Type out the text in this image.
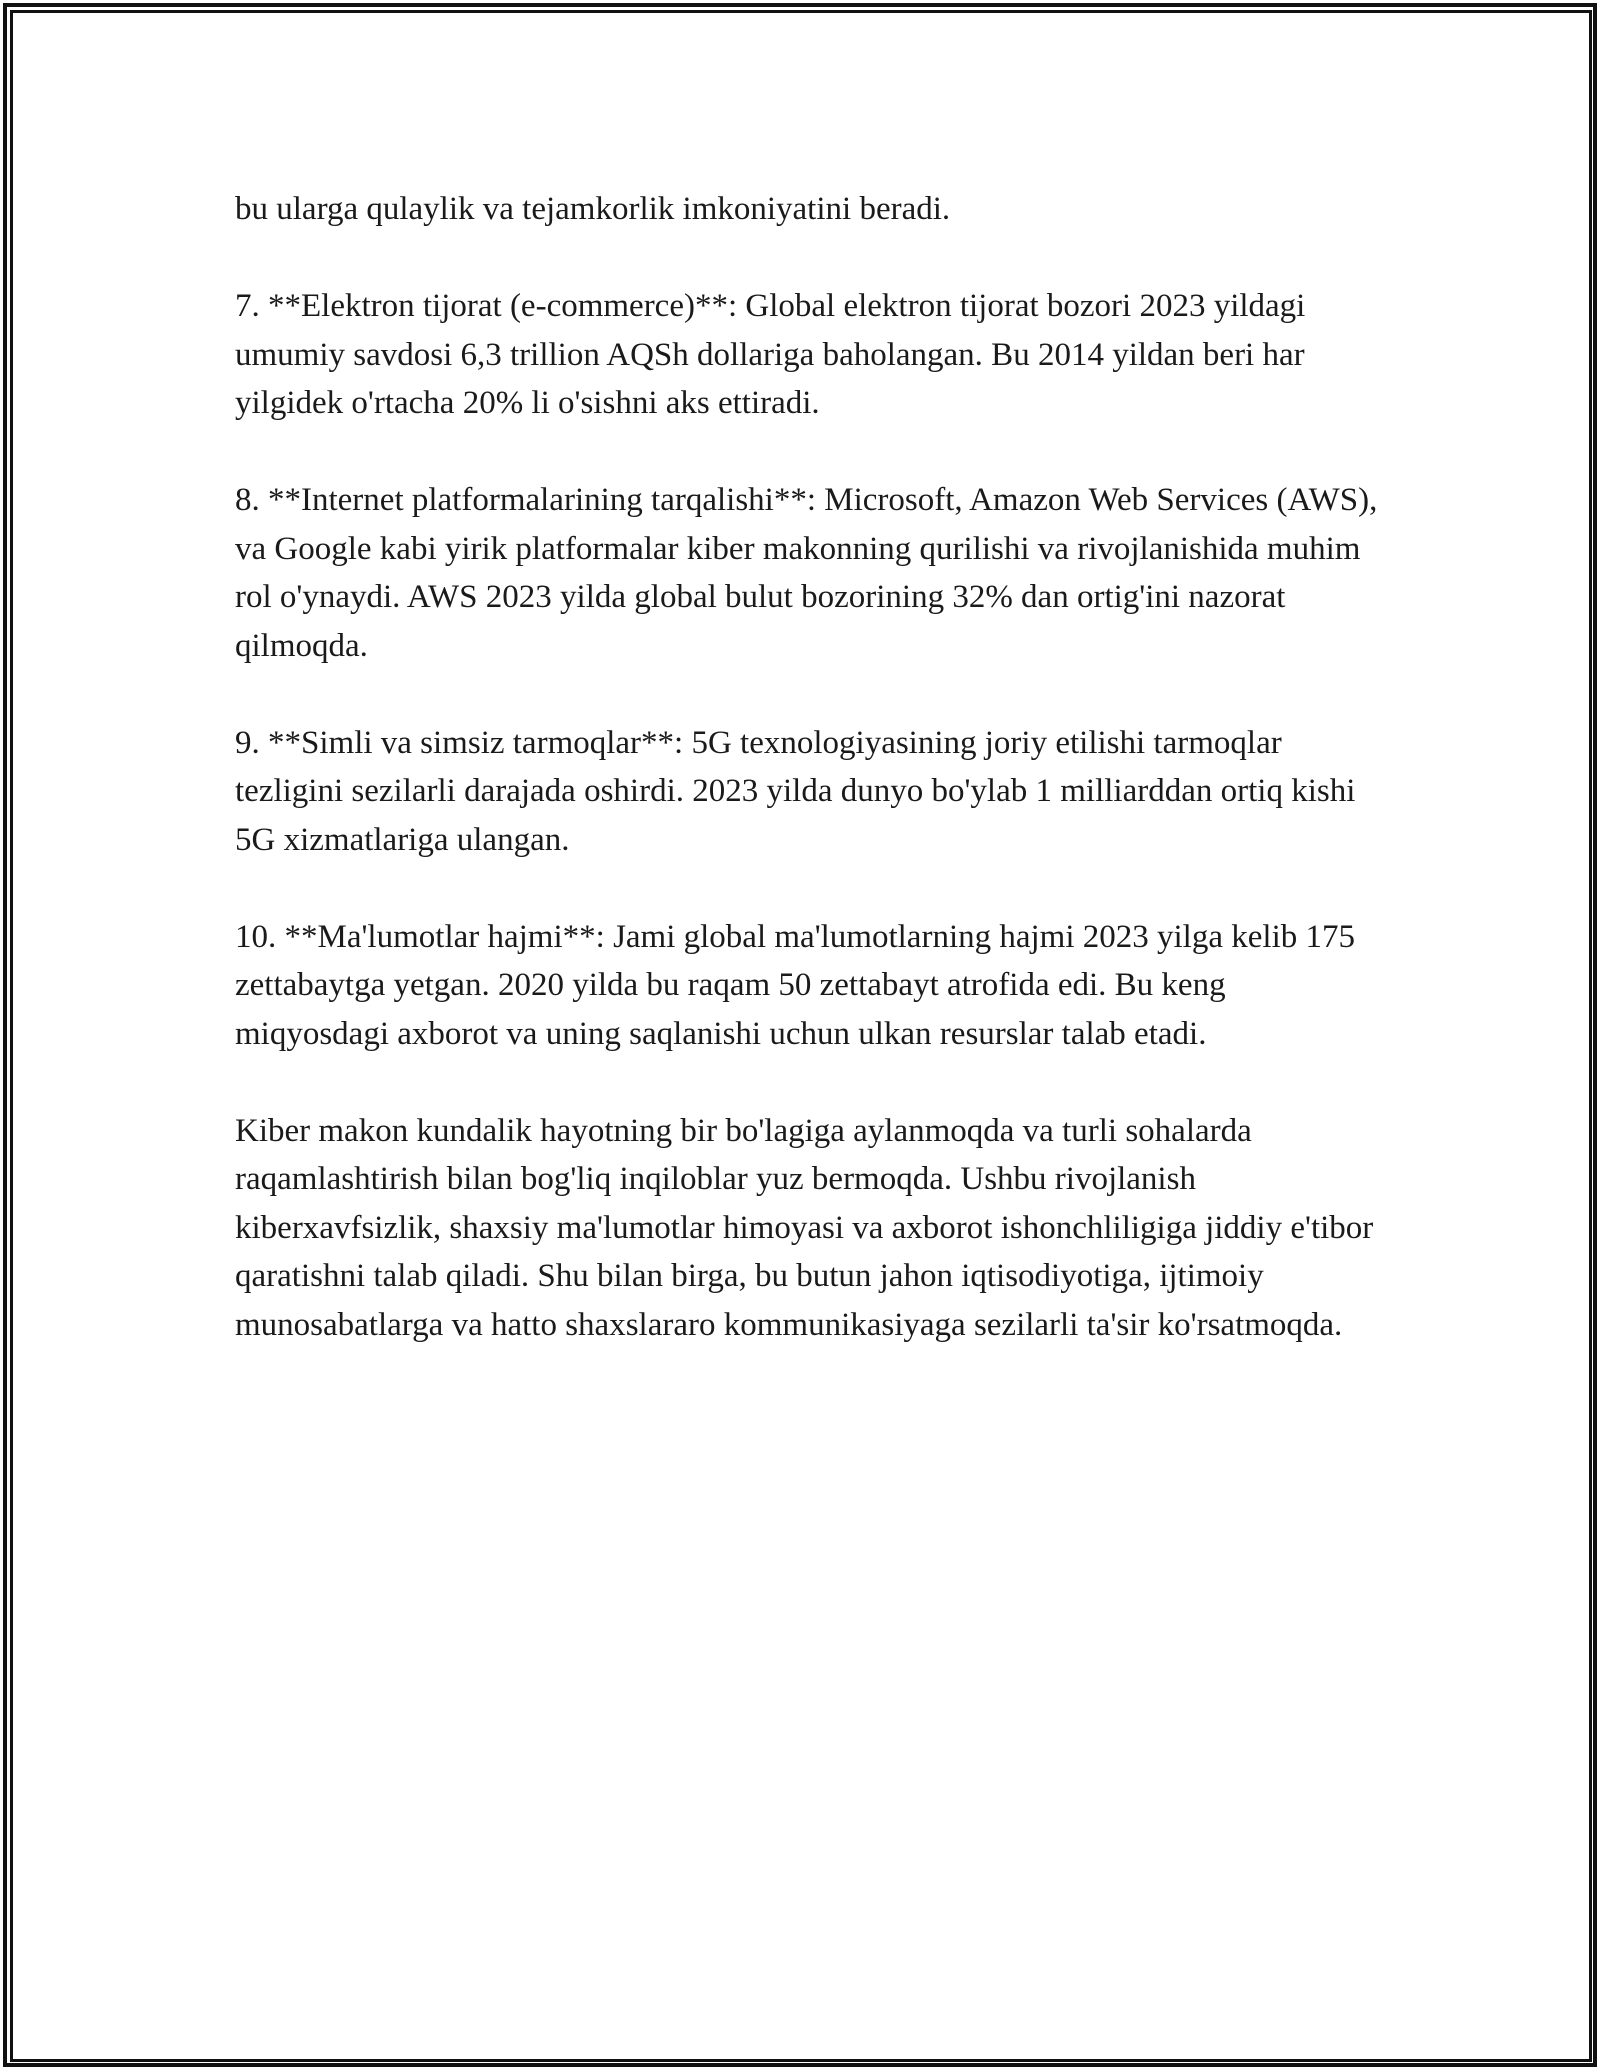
bu ularga qulaylik va tejamkorlik imkoniyatini beradi.

7. **Elektron tijorat (e-commerce)**: Global elektron tijorat bozori 2023 yildagi umumiy savdosi 6,3 trillion AQSh dollariga baholangan. Bu 2014 yildan beri har yilgidek o'rtacha 20% li o'sishni aks ettiradi.

8. **Internet platformalarining tarqalishi**: Microsoft, Amazon Web Services (AWS), va Google kabi yirik platformalar kiber makonning qurilishi va rivojlanishida muhim rol o'ynaydi. AWS 2023 yilda global bulut bozorining 32% dan ortig'ini nazorat qilmoqda.

9. **Simli va simsiz tarmoqlar**: 5G texnologiyasining joriy etilishi tarmoqlar tezligini sezilarli darajada oshirdi. 2023 yilda dunyo bo'ylab 1 milliarddan ortiq kishi 5G xizmatlariga ulangan.

10. **Ma'lumotlar hajmi**: Jami global ma'lumotlarning hajmi 2023 yilga kelib 175 zettabaytga yetgan. 2020 yilda bu raqam 50 zettabayt atrofida edi. Bu keng miqyosdagi axborot va uning saqlanishi uchun ulkan resurslar talab etadi.

Kiber makon kundalik hayotning bir bo'lagiga aylanmoqda va turli sohalarda raqamlashtirish bilan bog'liq inqiloblar yuz bermoqda. Ushbu rivojlanish kiberxavfsizlik, shaxsiy ma'lumotlar himoyasi va axborot ishonchliligiga jiddiy e'tibor qaratishni talab qiladi. Shu bilan birga, bu butun jahon iqtisodiyotiga, ijtimoiy munosabatlarga va hatto shaxslararo kommunikasiyaga sezilarli ta'sir ko'rsatmoqda.
